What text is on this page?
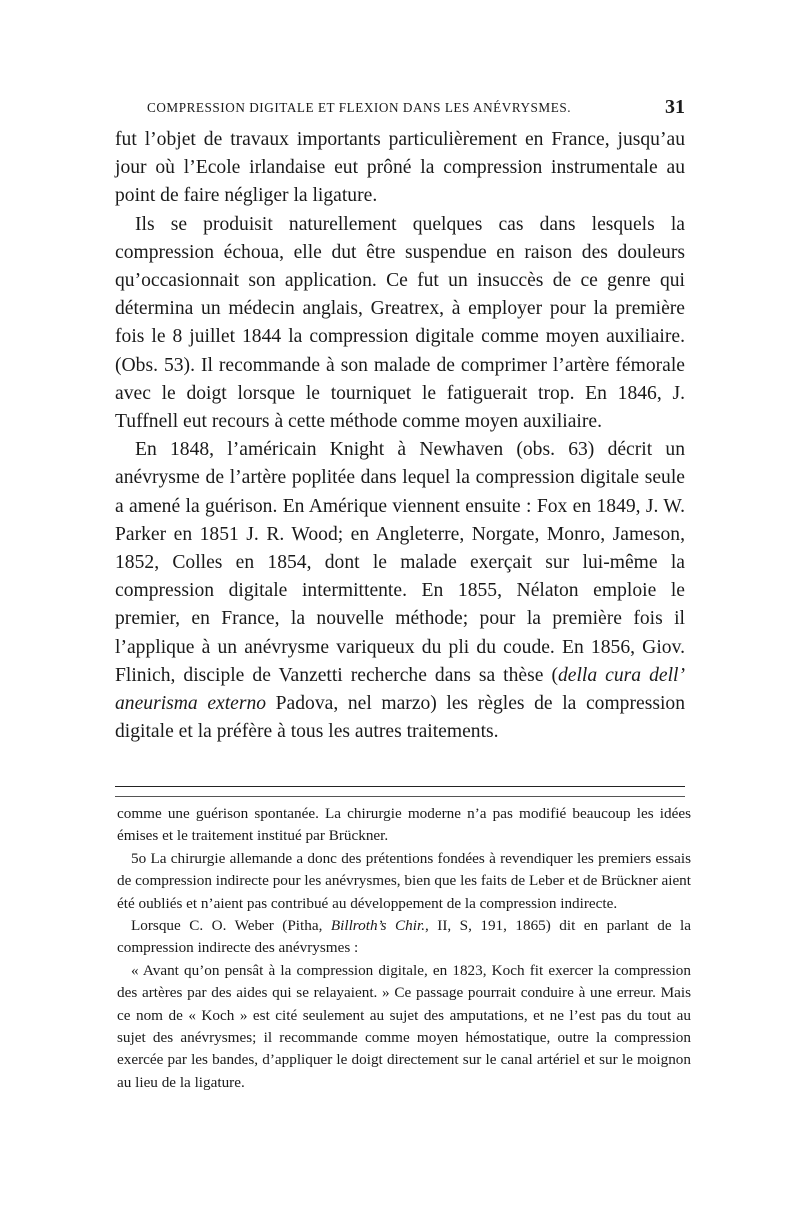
COMPRESSION DIGITALE ET FLEXION DANS LES ANÉVRYSMES.	31

fut l’objet de travaux importants particulièrement en France, jusqu’au jour où l’Ecole irlandaise eut prôné la compression instrumentale au point de faire négliger la ligature.

Ils se produisit naturellement quelques cas dans lesquels la compression échoua, elle dut être suspendue en raison des douleurs qu’occasionnait son application. Ce fut un insuccès de ce genre qui détermina un médecin anglais, Greatrex, à employer pour la première fois le 8 juillet 1844 la compression digitale comme moyen auxiliaire. (Obs. 53). Il recommande à son malade de comprimer l’artère fémorale avec le doigt lorsque le tourniquet le fatiguerait trop. En 1846, J. Tuffnell eut recours à cette méthode comme moyen auxiliaire.

En 1848, l’américain Knight à Newhaven (obs. 63) décrit un anévrysme de l’artère poplitée dans lequel la compression digitale seule a amené la guérison. En Amérique viennent ensuite : Fox en 1849, J. W. Parker en 1851 J. R. Wood; en Angleterre, Norgate, Monro, Jameson, 1852, Colles en 1854, dont le malade exerçait sur lui-même la compression digitale intermittente. En 1855, Nélaton emploie le premier, en France, la nouvelle méthode; pour la première fois il l’applique à un anévrysme variqueux du pli du coude. En 1856, Giov. Flinich, disciple de Vanzetti recherche dans sa thèse (della cura dell’ aneurisma externo Padova, nel marzo) les règles de la compression digitale et la préfère à tous les autres traitements.

comme une guérison spontanée. La chirurgie moderne n’a pas modifié beaucoup les idées émises et le traitement institué par Brückner.

5o La chirurgie allemande a donc des prétentions fondées à revendiquer les premiers essais de compression indirecte pour les anévrysmes, bien que les faits de Leber et de Brückner aient été oubliés et n’aient pas contribué au développement de la compression indirecte.

Lorsque C. O. Weber (Pitha, Billroth’s Chir., II, S, 191, 1865) dit en parlant de la compression indirecte des anévrysmes :

« Avant qu’on pensât à la compression digitale, en 1823, Koch fit exercer la compression des artères par des aides qui se relayaient. » Ce passage pourrait conduire à une erreur. Mais ce nom de « Koch » est cité seulement au sujet des amputations, et ne l’est pas du tout au sujet des anévrysmes; il recommande comme moyen hémostatique, outre la compression exercée par les bandes, d’appliquer le doigt directement sur le canal artériel et sur le moignon au lieu de la ligature.
